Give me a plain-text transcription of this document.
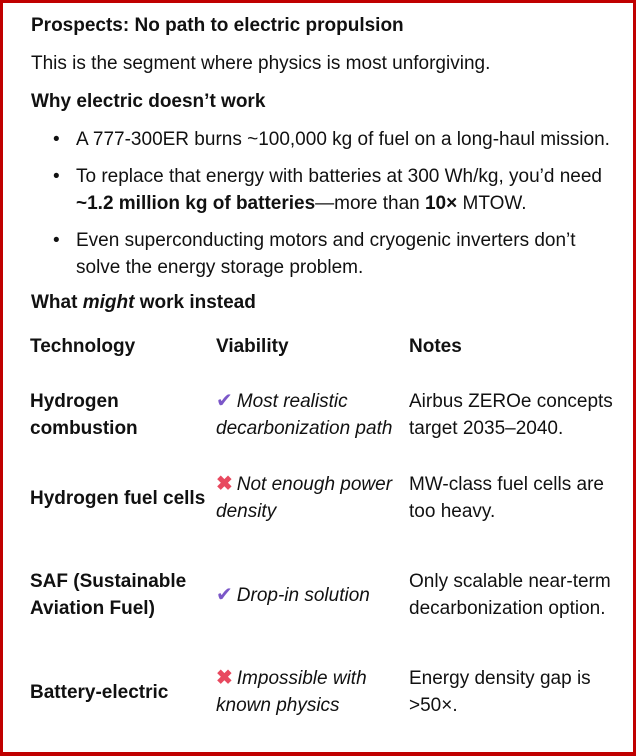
Prospects: No path to electric propulsion

This is the segment where physics is most unforgiving.

Why electric doesn’t work
• A 777-300ER burns ~100,000 kg of fuel on a long-haul mission.
• To replace that energy with batteries at 300 Wh/kg, you’d need ~1.2 million kg of batteries—more than 10× MTOW.
• Even superconducting motors and cryogenic inverters don’t solve the energy storage problem.
What might work instead
Technology	Viability	Notes
Hydrogen combustion	✔ Most realistic decarbonization path	Airbus ZEROe concepts target 2035–2040.
Hydrogen fuel cells	✖ Not enough power density	MW-class fuel cells are too heavy.
SAF (Sustainable Aviation Fuel)	✔ Drop-in solution	Only scalable near-term decarbonization option.
Battery-electric	✖ Impossible with known physics	Energy density gap is >50×.
